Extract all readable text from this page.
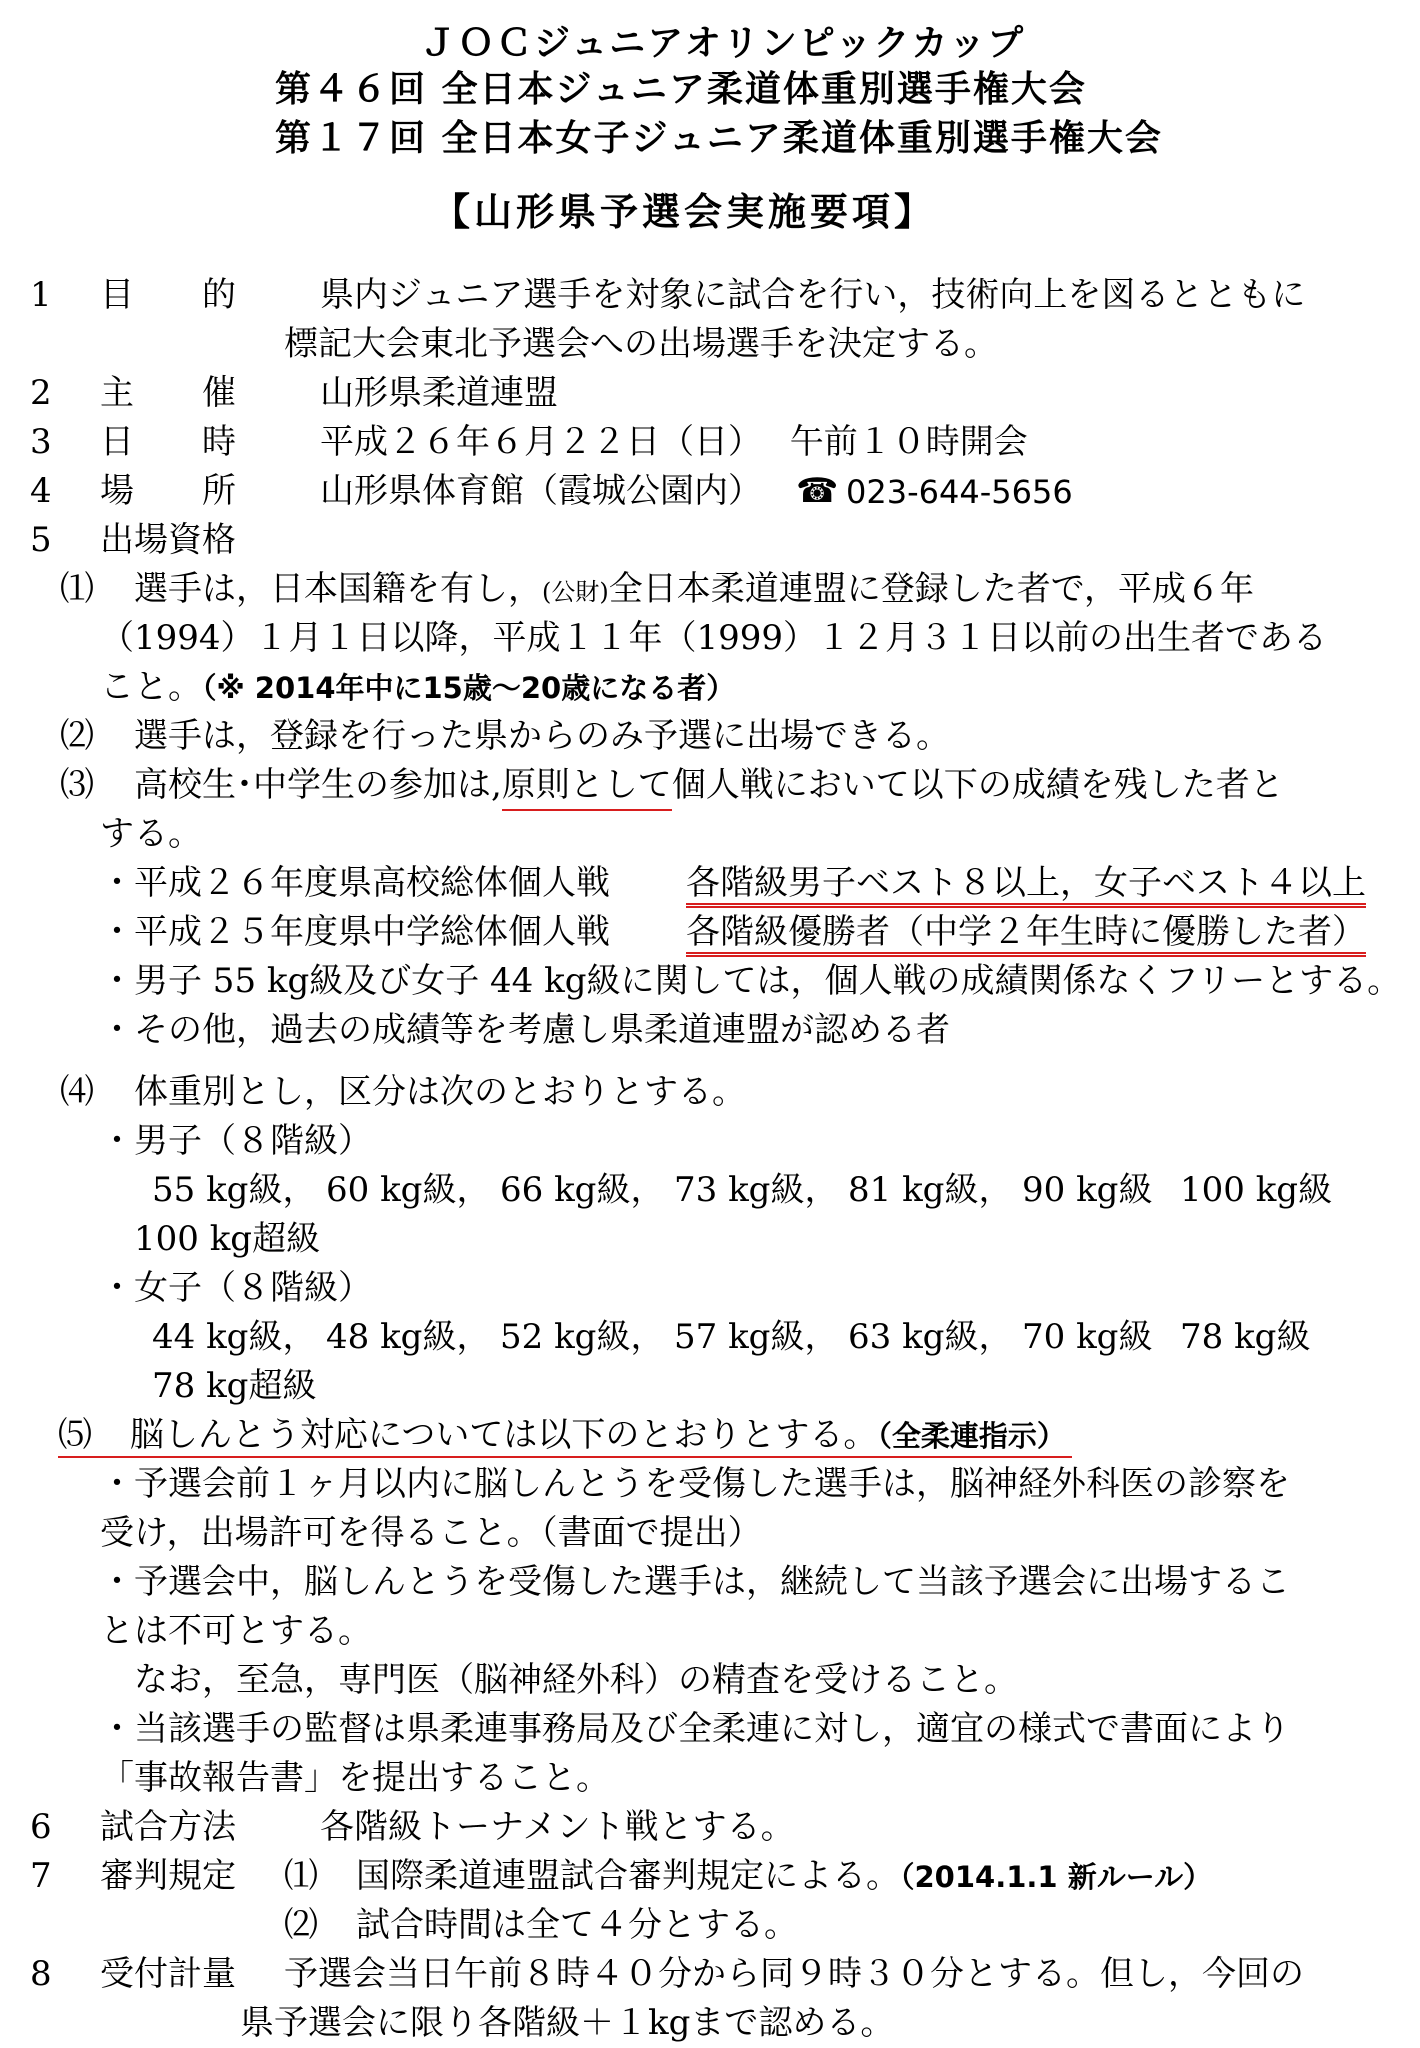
ＪＯＣジュニアオリンピックカップ
第４６回 全日本ジュニア柔道体重別選手権大会
第１７回 全日本女子ジュニア柔道体重別選手権大会
【山形県予選会実施要項】
1 目　　的 県内ジュニア選手を対象に試合を行い，技術向上を図るとともに
標記大会東北予選会への出場選手を決定する。
2 主　　催 山形県柔道連盟
3 日　　時 平成２６年６月２２日（日）　 午前１０時開会
4 場　　所 山形県体育館（霞城公園内） ☎ 023-644-5656
5 出場資格
⑴ 選手は，日本国籍を有し，(公財)全日本柔道連盟に登録した者で，平成６年
（1994）１月１日以降，平成１１年（1999）１２月３１日以前の出生者である
こと。（※ 2014年中に15歳～20歳になる者）
⑵ 選手は，登録を行った県からのみ予選に出場できる。
⑶ 高校生･中学生の参加は,原則として個人戦において以下の成績を残した者と
する。
・平成２６年度県高校総体個人戦 各階級男子ベスト８以上，女子ベスト４以上
・平成２５年度県中学総体個人戦 各階級優勝者（中学２年生時に優勝した者）
・男子 55 kg級及び女子 44 kg級に関しては，個人戦の成績関係なくフリーとする。
・その他，過去の成績等を考慮し県柔道連盟が認める者
⑷ 体重別とし，区分は次のとおりとする。
・男子（８階級）
55 kg級， 60 kg級， 66 kg級， 73 kg級， 81 kg級， 90 kg級 100 kg級
100 kg超級
・女子（８階級）
44 kg級， 48 kg級， 52 kg級， 57 kg級， 63 kg級， 70 kg級 78 kg級
78 kg超級
⑸ 脳しんとう対応については以下のとおりとする。（全柔連指示）
・予選会前１ヶ月以内に脳しんとうを受傷した選手は，脳神経外科医の診察を
受け，出場許可を得ること。（書面で提出）
・予選会中，脳しんとうを受傷した選手は，継続して当該予選会に出場するこ
とは不可とする。
なお，至急，専門医（脳神経外科）の精査を受けること。
・当該選手の監督は県柔連事務局及び全柔連に対し，適宜の様式で書面により
「事故報告書」を提出すること。
6 試合方法 各階級トーナメント戦とする。
7 審判規定 ⑴ 国際柔道連盟試合審判規定による。（2014.1.1 新ルール）
⑵ 試合時間は全て４分とする。
8 受付計量 予選会当日午前８時４０分から同９時３０分とする。但し，今回の
県予選会に限り各階級＋１kgまで認める。
